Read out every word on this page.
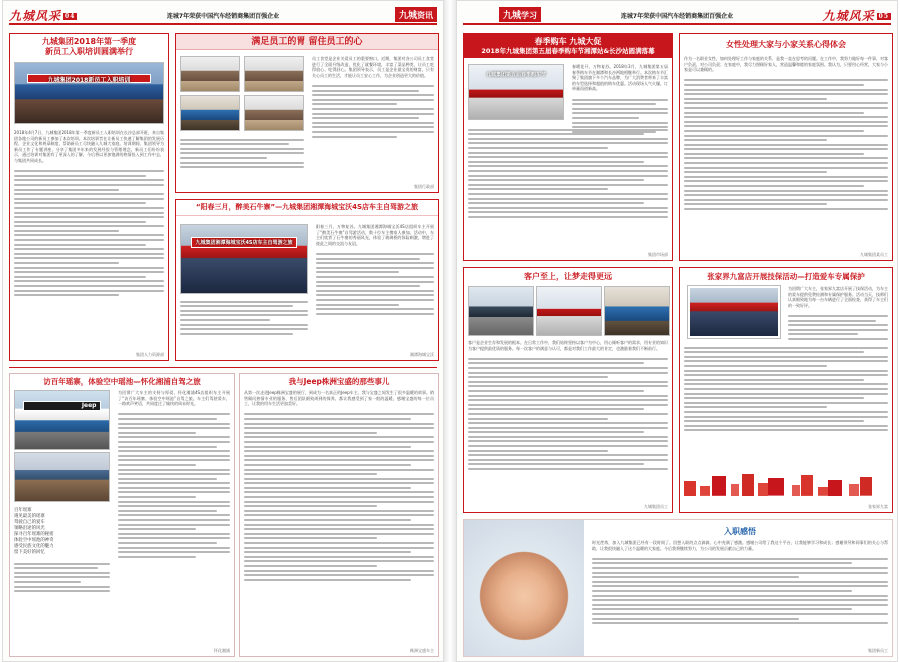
九城风采 04	连城7年荣获中国汽车经销商集团百强企业	九城资讯
九城集团2018年第一季度
新员工入职培训圆满举行
九城集团2018新员工入职培训
2018年4月7日，九城集团2018年第一季度新员工入职培训在长沙总部开班，来自集团各地公司的新员工参加了本次培训。本次培训旨在让新员工快速了解集团的发展历程、企业文化和规章制度，帮助新员工尽快融入九城大家庭。培训期间，集团领导为新员工作了专题讲座，分享了集团多年来的发展经验与管理理念。新员工们纷纷表示，通过培训对集团有了更深入的了解，今后将以更加饱满的热情投入到工作中去，与集团共同成长。
集团人力资源部
满足员工的胃 留住员工的心
员工食堂是企业关爱员工的重要窗口。近期，集团对各公司员工食堂进行了全面升级改造，优化了就餐环境，丰富了菜品种类，让员工吃得放心、吃得舒心。集团领导表示，员工是企业最宝贵的财富，只有关心员工的生活，才能让员工安心工作，为企业创造更大的价值。
集团行政部
“阳春三月，醉美石牛寨”—九城集团湘潭海城宝沃4S店车主自驾游之旅
九城集团湘潭海城宝沃4S店车主自驾游之旅
阳春三月，万物复苏。九城集团湘潭海城宝沃4S店组织车主开展了“醉美石牛寨”自驾游活动，数十位车主携家人参加。活动中，车主们欣赏了石牛寨的秀丽风光，体验了玻璃桥的惊险刺激，增进了彼此之间的交流与友谊。
湘潭海城宝沃
访百年瑶寨，体验空中瑶池—怀化湘浦自驾之旅
Jeep
为回馈广大车主的支持与厚爱，怀化湘浦4S店组织车主开展了“访百年瑶寨，体验空中瑶池”自驾之旅。车主们驾驶爱车，一路欢声笑语，共同度过了愉快的周末时光。
百年瑶寨
遇见最美的瑶寨
驾驶自己的爱车
领略沿途的风光
探寻百年瑶寨的秘密
体验空中瑶池的神奇
感受民族文化的魅力
留下美好的回忆
怀化湘浦
我与Jeep株洲宝盛的那些事儿
从第一次走进Jeep株洲宝盛的展厅，到成为一名真正的Jeep车主，我与宝盛之间发生了很多温暖的故事。销售顾问热情专业的服务、售后团队细致周到的保养，都让我感受到了家一般的温暖。感谢宝盛的每一位员工，让我的用车生活更加美好。
株洲宝盛车主
九城学习	连城7年荣获中国汽车经销商集团百强企业	九城风采 05
春季购车 九城大促
2018年九城集团第五届春季购车节湘潭站&长沙站圆满落幕
九城集团第五届春季购车节
春暖花开，万物复苏。2018年3月，九城集团第五届春季购车节在湘潭和长沙两地相继举行。本次购车节汇聚了集团旗下多个汽车品牌，为广大消费者带来了丰富的车型选择和超值的购车优惠。活动现场人气火爆，订单量再创新高。
集团市场部
女性处理大家与小家关系心得体会
作为一名职业女性，如何处理好工作与家庭的关系，是我一直在思考的问题。在工作中，我努力做好每一件事，对客户负责，对公司负责；在家庭中，我尽力照顾好家人，营造温馨和睦的家庭氛围。我认为，只要用心经营，大家与小家是可以兼顾的。
九城集团某员工
客户至上，让梦走得更远
客户是企业生存和发展的根本。在日常工作中，我们始终坚持以客户为中心，用心倾听客户的需求，用专业的知识为客户提供最优质的服务。每一次客户的满意与认可，都是对我们工作最大的肯定，也激励着我们不断前行。
九城集团员工
张家界九富店开展技保活动—打造爱车专属保护
为回馈广大车主，张家界九富店开展了技保活动，为车主的爱车提供免费检测和专属保护服务。活动当天，技师们认真细致地为每一台车辆进行了全面检查，获得了车主们的一致好评。
张家界九富
入职感悟
时光荏苒，加入九城集团已经有一段时间了。回想入职的点点滴滴，心中充满了感激。感谢公司给了我这个平台，让我能够学习和成长；感谢领导和同事们的关心与帮助，让我很快融入了这个温暖的大家庭。今后我将继续努力，为公司的发展贡献自己的力量。
集团新员工
